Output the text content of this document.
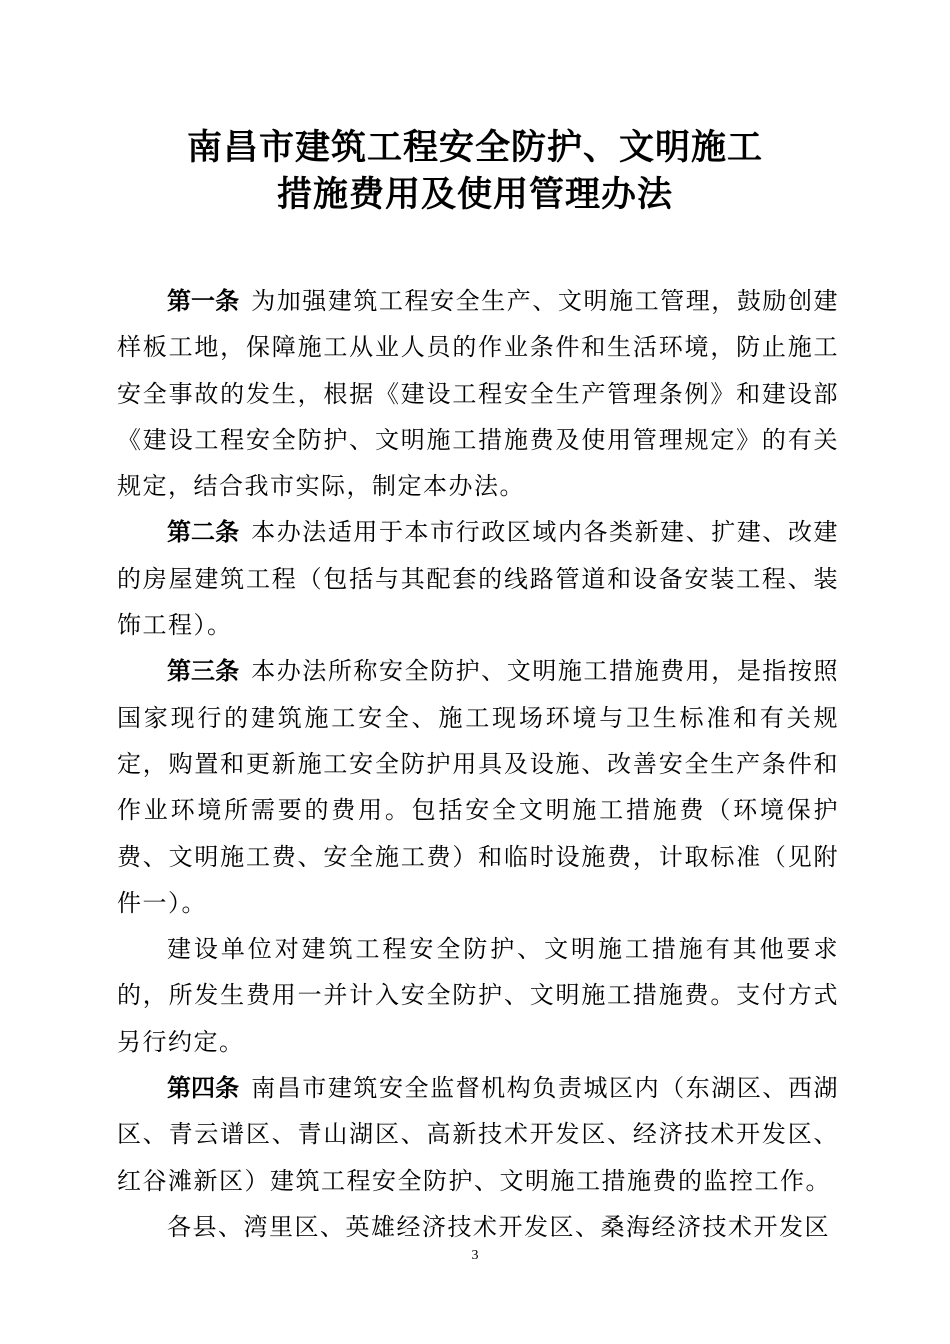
南昌市建筑工程安全防护、文明施工
措施费用及使用管理办法

第一条 为加强建筑工程安全生产、文明施工管理，鼓励创建样板工地，保障施工从业人员的作业条件和生活环境，防止施工安全事故的发生，根据《建设工程安全生产管理条例》和建设部《建设工程安全防护、文明施工措施费及使用管理规定》的有关规定，结合我市实际，制定本办法。

第二条 本办法适用于本市行政区域内各类新建、扩建、改建的房屋建筑工程（包括与其配套的线路管道和设备安装工程、装饰工程）。

第三条 本办法所称安全防护、文明施工措施费用，是指按照国家现行的建筑施工安全、施工现场环境与卫生标准和有关规定，购置和更新施工安全防护用具及设施、改善安全生产条件和作业环境所需要的费用。包括安全文明施工措施费（环境保护费、文明施工费、安全施工费）和临时设施费，计取标准（见附件一）。

建设单位对建筑工程安全防护、文明施工措施有其他要求的，所发生费用一并计入安全防护、文明施工措施费。支付方式另行约定。

第四条 南昌市建筑安全监督机构负责城区内（东湖区、西湖区、青云谱区、青山湖区、高新技术开发区、经济技术开发区、红谷滩新区）建筑工程安全防护、文明施工措施费的监控工作。

各县、湾里区、英雄经济技术开发区、桑海经济技术开发区

3
